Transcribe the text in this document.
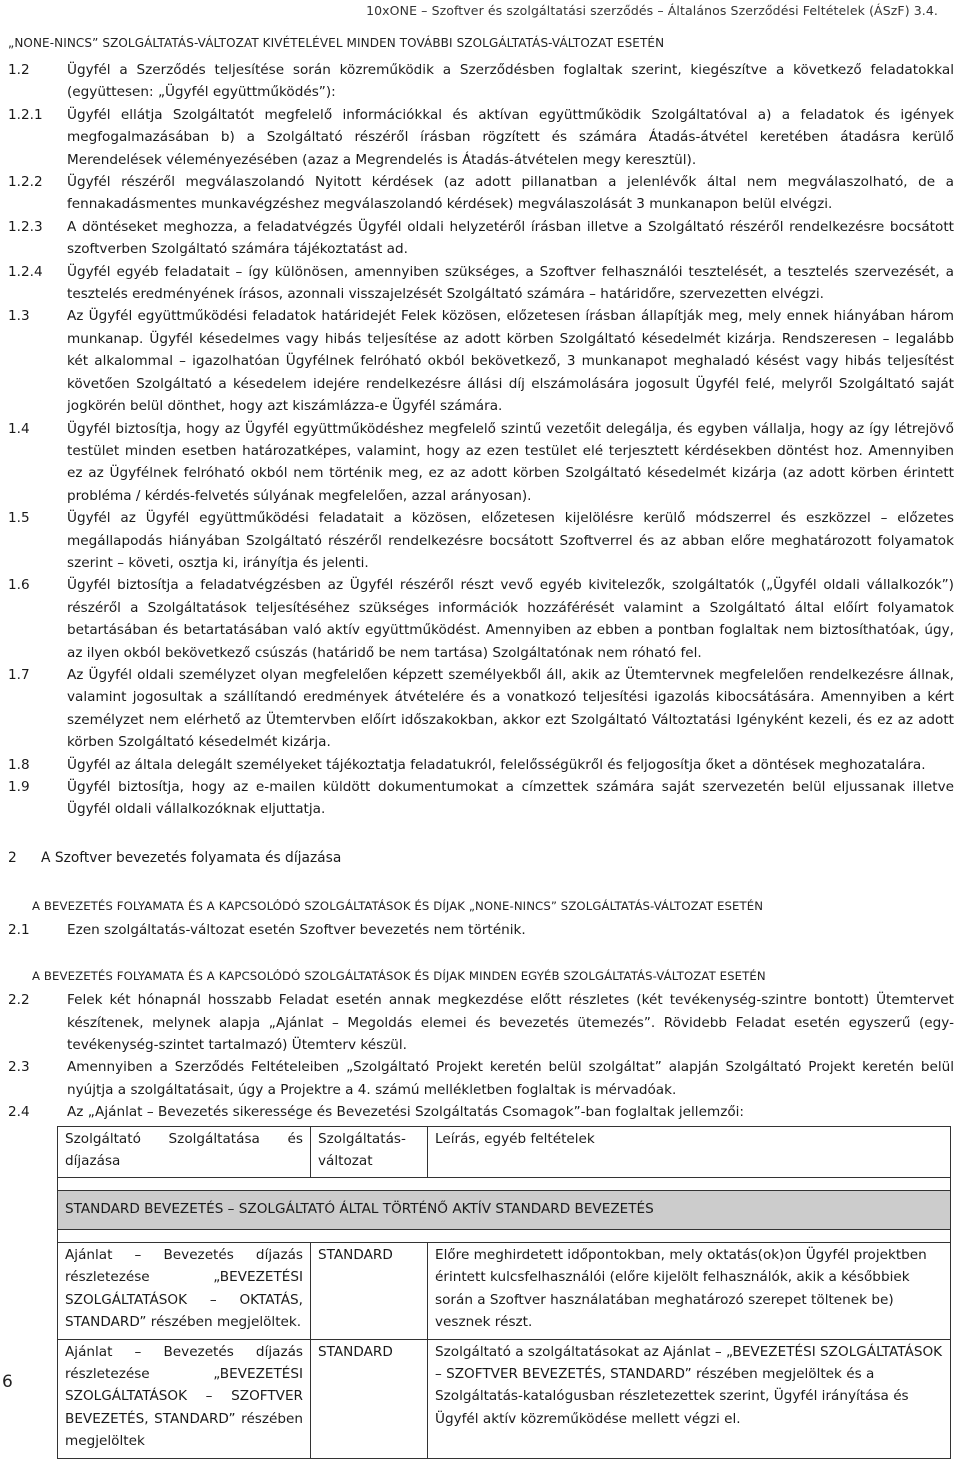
10xONE – Szoftver és szolgáltatási szerződés – Általános Szerződési Feltételek (ÁSzF) 3.4.
„NONE-NINCS” SZOLGÁLTATÁS-VÁLTOZAT KIVÉTELÉVEL MINDEN TOVÁBBI SZOLGÁLTATÁS-VÁLTOZAT ESETÉN
1.2	Ügyfél a Szerződés teljesítése során közreműködik a Szerződésben foglaltak szerint, kiegészítve a következő feladatokkal (együttesen: „Ügyfél együttműködés”):
1.2.1	Ügyfél ellátja Szolgáltatót megfelelő információkkal és aktívan együttműködik Szolgáltatóval a) a feladatok és igények megfogalmazásában b) a Szolgáltató részéről írásban rögzített és számára Átadás-átvétel keretében átadásra kerülő Merendelések véleményezésében (azaz a Megrendelés is Átadás-átvételen megy keresztül).
1.2.2	Ügyfél részéről megválaszolandó Nyitott kérdések (az adott pillanatban a jelenlévők által nem megválaszolható, de a fennakadásmentes munkavégzéshez megválaszolandó kérdések) megválaszolását 3 munkanapon belül elvégzi.
1.2.3	A döntéseket meghozza, a feladatvégzés Ügyfél oldali helyzetéről írásban illetve a Szolgáltató részéről rendelkezésre bocsátott szoftverben Szolgáltató számára tájékoztatást ad.
1.2.4	Ügyfél egyéb feladatait – így különösen, amennyiben szükséges, a Szoftver felhasználói tesztelését, a tesztelés szervezését, a tesztelés eredményének írásos, azonnali visszajelzését Szolgáltató számára – határidőre, szervezetten elvégzi.
1.3	Az Ügyfél együttműködési feladatok határidejét Felek közösen, előzetesen írásban állapítják meg, mely ennek hiányában három munkanap. Ügyfél késedelmes vagy hibás teljesítése az adott körben Szolgáltató késedelmét kizárja. Rendszeresen – legalább két alkalommal – igazolhatóan Ügyfélnek felróható okból bekövetkező, 3 munkanapot meghaladó késést vagy hibás teljesítést követően Szolgáltató a késedelem idejére rendelkezésre állási díj elszámolására jogosult Ügyfél felé, melyről Szolgáltató saját jogkörén belül dönthet, hogy azt kiszámlázza-e Ügyfél számára.
1.4	Ügyfél biztosítja, hogy az Ügyfél együttműködéshez megfelelő szintű vezetőit delegálja, és egyben vállalja, hogy az így létrejövő testület minden esetben határozatképes, valamint, hogy az ezen testület elé terjesztett kérdésekben döntést hoz. Amennyiben ez az Ügyfélnek felróható okból nem történik meg, ez az adott körben Szolgáltató késedelmét kizárja (az adott körben érintett probléma / kérdés-felvetés súlyának megfelelően, azzal arányosan).
1.5	Ügyfél az Ügyfél együttműködési feladatait a közösen, előzetesen kijelölésre kerülő módszerrel és eszközzel – előzetes megállapodás hiányában Szolgáltató részéről rendelkezésre bocsátott Szoftverrel és az abban előre meghatározott folyamatok szerint – követi, osztja ki, irányítja és jelenti.
1.6	Ügyfél biztosítja a feladatvégzésben az Ügyfél részéről részt vevő egyéb kivitelezők, szolgáltatók („Ügyfél oldali vállalkozók”) részéről a Szolgáltatások teljesítéséhez szükséges információk hozzáférését valamint a Szolgáltató által előírt folyamatok betartásában és betartatásában való aktív együttműködést. Amennyiben az ebben a pontban foglaltak nem biztosíthatóak, úgy, az ilyen okból bekövetkező csúszás (határidő be nem tartása) Szolgáltatónak nem róható fel.
1.7	Az Ügyfél oldali személyzet olyan megfelelően képzett személyekből áll, akik az Ütemtervnek megfelelően rendelkezésre állnak, valamint jogosultak a szállítandó eredmények átvételére és a vonatkozó teljesítési igazolás kibocsátására. Amennyiben a kért személyzet nem elérhető az Ütemtervben előírt időszakokban, akkor ezt Szolgáltató Változtatási Igényként kezeli, és ez az adott körben Szolgáltató késedelmét kizárja.
1.8	Ügyfél az általa delegált személyeket tájékoztatja feladatukról, felelősségükről és feljogosítja őket a döntések meghozatalára.
1.9	Ügyfél biztosítja, hogy az e-mailen küldött dokumentumokat a címzettek számára saját szervezetén belül eljussanak illetve Ügyfél oldali vállalkozóknak eljuttatja.
2	A Szoftver bevezetés folyamata és díjazása
A BEVEZETÉS FOLYAMATA ÉS A KAPCSOLÓDÓ SZOLGÁLTATÁSOK ÉS DÍJAK „NONE-NINCS” SZOLGÁLTATÁS-VÁLTOZAT ESETÉN
2.1	Ezen szolgáltatás-változat esetén Szoftver bevezetés nem történik.
A BEVEZETÉS FOLYAMATA ÉS A KAPCSOLÓDÓ SZOLGÁLTATÁSOK ÉS DÍJAK MINDEN EGYÉB SZOLGÁLTATÁS-VÁLTOZAT ESETÉN
2.2	Felek két hónapnál hosszabb Feladat esetén annak megkezdése előtt részletes (két tevékenység-szintre bontott) Ütemtervet készítenek, melynek alapja „Ajánlat – Megoldás elemei és bevezetés ütemezés”. Rövidebb Feladat esetén egyszerű (egy-tevékenység-szintet tartalmazó) Ütemterv készül.
2.3	Amennyiben a Szerződés Feltételeiben „Szolgáltató Projekt keretén belül szolgáltat” alapján Szolgáltató Projekt keretén belül nyújtja a szolgáltatásait, úgy a Projektre a 4. számú mellékletben foglaltak is mérvadóak.
2.4	Az „Ajánlat – Bevezetés sikeressége és Bevezetési Szolgáltatás Csomagok”-ban foglaltak jellemzői:
Szolgáltató Szolgáltatása és díjazása	Szolgáltatás-változat	Leírás, egyéb feltételek

STANDARD BEVEZETÉS – SZOLGÁLTATÓ ÁLTAL TÖRTÉNŐ AKTÍV STANDARD BEVEZETÉS		

Ajánlat – Bevezetés díjazás részletezése „BEVEZETÉSI SZOLGÁLTATÁSOK – OKTATÁS, STANDARD” részében megjelöltek.	STANDARD	Előre meghirdetett időpontokban, mely oktatás(ok)on Ügyfél projektben érintett kulcsfelhasználói (előre kijelölt felhasználók, akik a későbbiek során a Szoftver használatában meghatározó szerepet töltenek be) vesznek részt.
Ajánlat – Bevezetés díjazás részletezése „BEVEZETÉSI SZOLGÁLTATÁSOK – SZOFTVER BEVEZETÉS, STANDARD” részében megjelöltek	STANDARD	Szolgáltató a szolgáltatásokat az Ajánlat – „BEVEZETÉSI SZOLGÁLTATÁSOK – SZOFTVER BEVEZETÉS, STANDARD” részében megjelöltek és a Szolgáltatás-katalógusban részletezettek szerint, Ügyfél irányítása és Ügyfél aktív közreműködése mellett végzi el.
6
